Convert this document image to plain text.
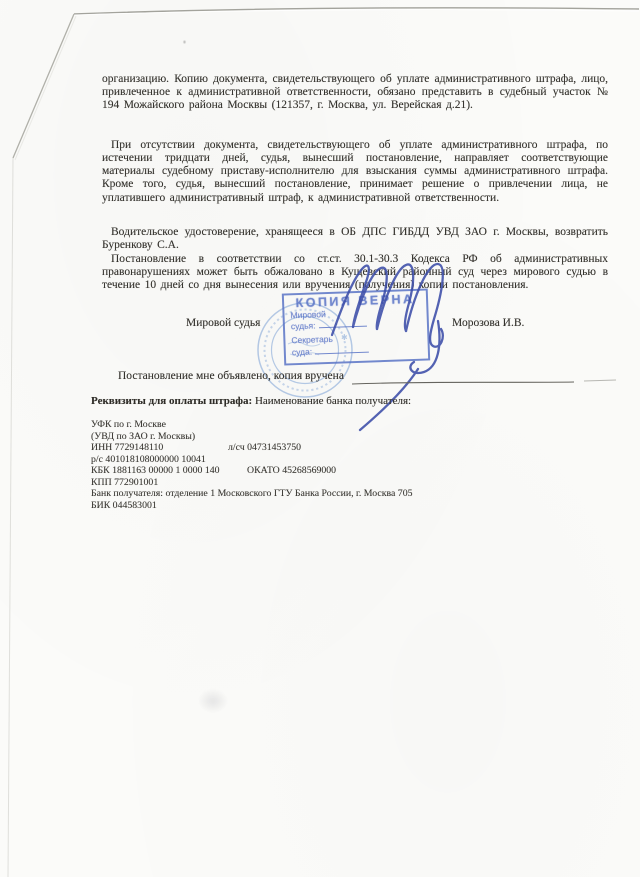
организацию. Копию документа, свидетельствующего об уплате административного штрафа, лицо, привлеченное к административной ответственности, обязано представить в судебный участок № 194 Можайского района Москвы (121357, г. Москва, ул. Верейская д.21).

При отсутствии документа, свидетельствующего об уплате административного штрафа, по истечении тридцати дней, судья, вынесший постановление, направляет соответствующие материалы судебному приставу-исполнителю для взыскания суммы административного штрафа. Кроме того, судья, вынесший постановление, принимает решение о привлечении лица, не уплатившего административный штраф, к административной ответственности.

Водительское удостоверение, хранящееся в ОБ ДПС ГИБДД УВД ЗАО г. Москвы, возвратить Буренкову С.А.

Постановление в соответствии со ст.ст. 30.1-30.3 Кодекса РФ об административных правонарушениях может быть обжаловано в Кущевский районный суд через мирового судью в течение 10 дней со дня вынесения или вручения (получения) копии постановления.

✱
КОПИЯ ВЕРНА
Мировой
судья:
Секретарь
суда:
Мировой судья	Морозова И.В.
Постановление мне объявлено, копия вручена
Реквизиты для оплаты штрафа: Наименование банка получателя:
УФК по г. Москве
(УВД по ЗАО г. Москвы)
ИНН 7729148110	л/сч 04731453750
р/с 401018108000000 10041
КБК 1881163 00000 1 0000 140	ОКАТО 45268569000
КПП 772901001
Банк получателя: отделение 1 Московского ГТУ Банка России, г. Москва 705
БИК 044583001
